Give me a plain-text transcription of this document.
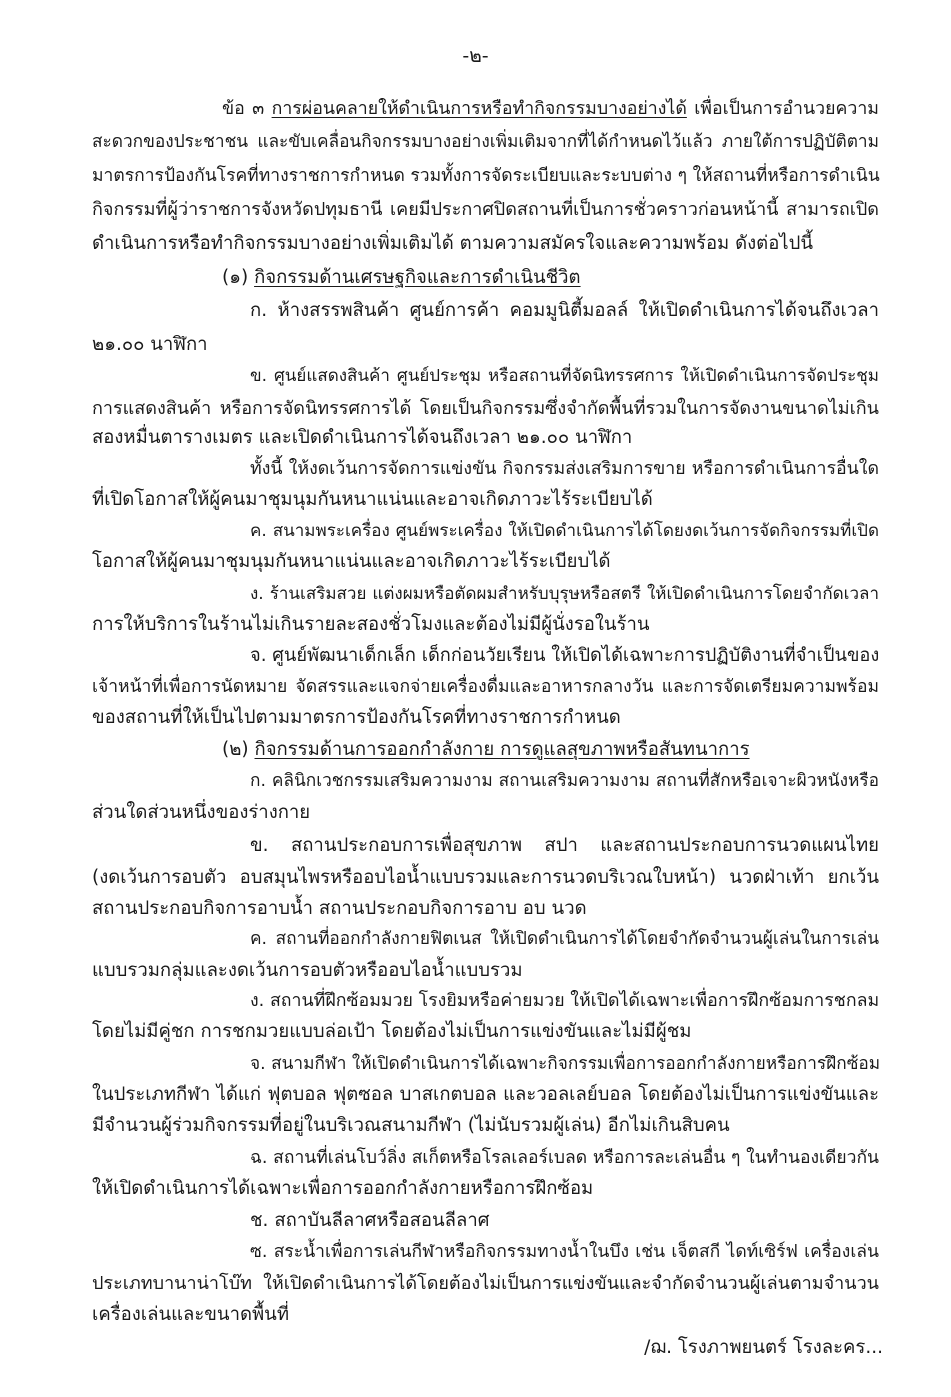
-๒-
ข้อ ๓ การผ่อนคลายให้ดำเนินการหรือทำกิจกรรมบางอย่างได้ เพื่อเป็นการอำนวยความ
สะดวกของประชาชน และขับเคลื่อนกิจกรรมบางอย่างเพิ่มเติมจากที่ได้กำหนดไว้แล้ว ภายใต้การปฏิบัติตาม
มาตรการป้องกันโรคที่ทางราชการกำหนด รวมทั้งการจัดระเบียบและระบบต่าง ๆ ให้สถานที่หรือการดำเนิน
กิจกรรมที่ผู้ว่าราชการจังหวัดปทุมธานี เคยมีประกาศปิดสถานที่เป็นการชั่วคราวก่อนหน้านี้ สามารถเปิด
ดำเนินการหรือทำกิจกรรมบางอย่างเพิ่มเติมได้ ตามความสมัครใจและความพร้อม ดังต่อไปนี้
(๑) กิจกรรมด้านเศรษฐกิจและการดำเนินชีวิต
ก. ห้างสรรพสินค้า ศูนย์การค้า คอมมูนิตี้มอลล์ ให้เปิดดำเนินการได้จนถึงเวลา
๒๑.๐๐ นาฬิกา
ข. ศูนย์แสดงสินค้า ศูนย์ประชุม หรือสถานที่จัดนิทรรศการ ให้เปิดดำเนินการจัดประชุม
การแสดงสินค้า หรือการจัดนิทรรศการได้ โดยเป็นกิจกรรมซึ่งจำกัดพื้นที่รวมในการจัดงานขนาดไม่เกิน
สองหมื่นตารางเมตร และเปิดดำเนินการได้จนถึงเวลา ๒๑.๐๐ นาฬิกา
ทั้งนี้ ให้งดเว้นการจัดการแข่งขัน กิจกรรมส่งเสริมการขาย หรือการดำเนินการอื่นใด
ที่เปิดโอกาสให้ผู้คนมาชุมนุมกันหนาแน่นและอาจเกิดภาวะไร้ระเบียบได้
ค. สนามพระเครื่อง ศูนย์พระเครื่อง ให้เปิดดำเนินการได้โดยงดเว้นการจัดกิจกรรมที่เปิด
โอกาสให้ผู้คนมาชุมนุมกันหนาแน่นและอาจเกิดภาวะไร้ระเบียบได้
ง. ร้านเสริมสวย แต่งผมหรือตัดผมสำหรับบุรุษหรือสตรี ให้เปิดดำเนินการโดยจำกัดเวลา
การให้บริการในร้านไม่เกินรายละสองชั่วโมงและต้องไม่มีผู้นั่งรอในร้าน
จ. ศูนย์พัฒนาเด็กเล็ก เด็กก่อนวัยเรียน ให้เปิดได้เฉพาะการปฏิบัติงานที่จำเป็นของ
เจ้าหน้าที่เพื่อการนัดหมาย จัดสรรและแจกจ่ายเครื่องดื่มและอาหารกลางวัน และการจัดเตรียมความพร้อม
ของสถานที่ให้เป็นไปตามมาตรการป้องกันโรคที่ทางราชการกำหนด
(๒) กิจกรรมด้านการออกกำลังกาย การดูแลสุขภาพหรือสันทนาการ
ก. คลินิกเวชกรรมเสริมความงาม สถานเสริมความงาม สถานที่สักหรือเจาะผิวหนังหรือ
ส่วนใดส่วนหนึ่งของร่างกาย
ข. สถานประกอบการเพื่อสุขภาพ สปา และสถานประกอบการนวดแผนไทย
(งดเว้นการอบตัว อบสมุนไพรหรืออบไอน้ำแบบรวมและการนวดบริเวณใบหน้า) นวดฝ่าเท้า ยกเว้น
สถานประกอบกิจการอาบน้ำ สถานประกอบกิจการอาบ อบ นวด
ค. สถานที่ออกกำลังกายฟิตเนส ให้เปิดดำเนินการได้โดยจำกัดจำนวนผู้เล่นในการเล่น
แบบรวมกลุ่มและงดเว้นการอบตัวหรืออบไอน้ำแบบรวม
ง. สถานที่ฝึกซ้อมมวย โรงยิมหรือค่ายมวย ให้เปิดได้เฉพาะเพื่อการฝึกซ้อมการชกลม
โดยไม่มีคู่ชก การชกมวยแบบล่อเป้า โดยต้องไม่เป็นการแข่งขันและไม่มีผู้ชม
จ. สนามกีฬา ให้เปิดดำเนินการได้เฉพาะกิจกรรมเพื่อการออกกำลังกายหรือการฝึกซ้อม
ในประเภทกีฬา ได้แก่ ฟุตบอล ฟุตซอล บาสเกตบอล และวอลเลย์บอล โดยต้องไม่เป็นการแข่งขันและ
มีจำนวนผู้ร่วมกิจกรรมที่อยู่ในบริเวณสนามกีฬา (ไม่นับรวมผู้เล่น) อีกไม่เกินสิบคน
ฉ. สถานที่เล่นโบว์ลิ่ง สเก็ตหรือโรลเลอร์เบลด หรือการละเล่นอื่น ๆ ในทำนองเดียวกัน
ให้เปิดดำเนินการได้เฉพาะเพื่อการออกกำลังกายหรือการฝึกซ้อม
ช. สถาบันลีลาศหรือสอนลีลาศ
ซ. สระน้ำเพื่อการเล่นกีฬาหรือกิจกรรมทางน้ำในบึง เช่น เจ็ตสกี ไดท์เซิร์ฟ เครื่องเล่น
ประเภทบานาน่าโบ๊ท ให้เปิดดำเนินการได้โดยต้องไม่เป็นการแข่งขันและจำกัดจำนวนผู้เล่นตามจำนวน
เครื่องเล่นและขนาดพื้นที่
/ฌ. โรงภาพยนตร์ โรงละคร...
